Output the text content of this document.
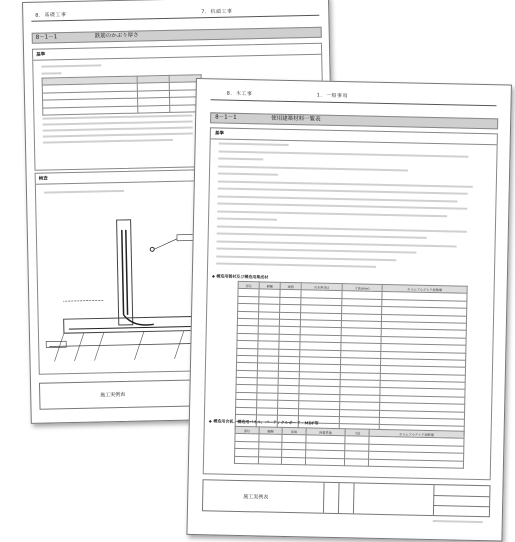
8．基礎工事
7．杭頭工事
8－1－1	鉄筋のかぶり厚さ
基準

検査
施工実例表
8．木工事	1．一般事項
8－1－1	使用建築材料一覧表
基準
◆ 構造用製材及び構造用集成材
部位	樹種	規格	含水率(%)	寸法(mm)	ホルムアルデヒド放散量

◆ 構造用合板、構造用パネル、パーティクルボード・MDF等
部位	種類	等級	接着性能	寸法	ホルムアルデヒド放散量

施工実例表
